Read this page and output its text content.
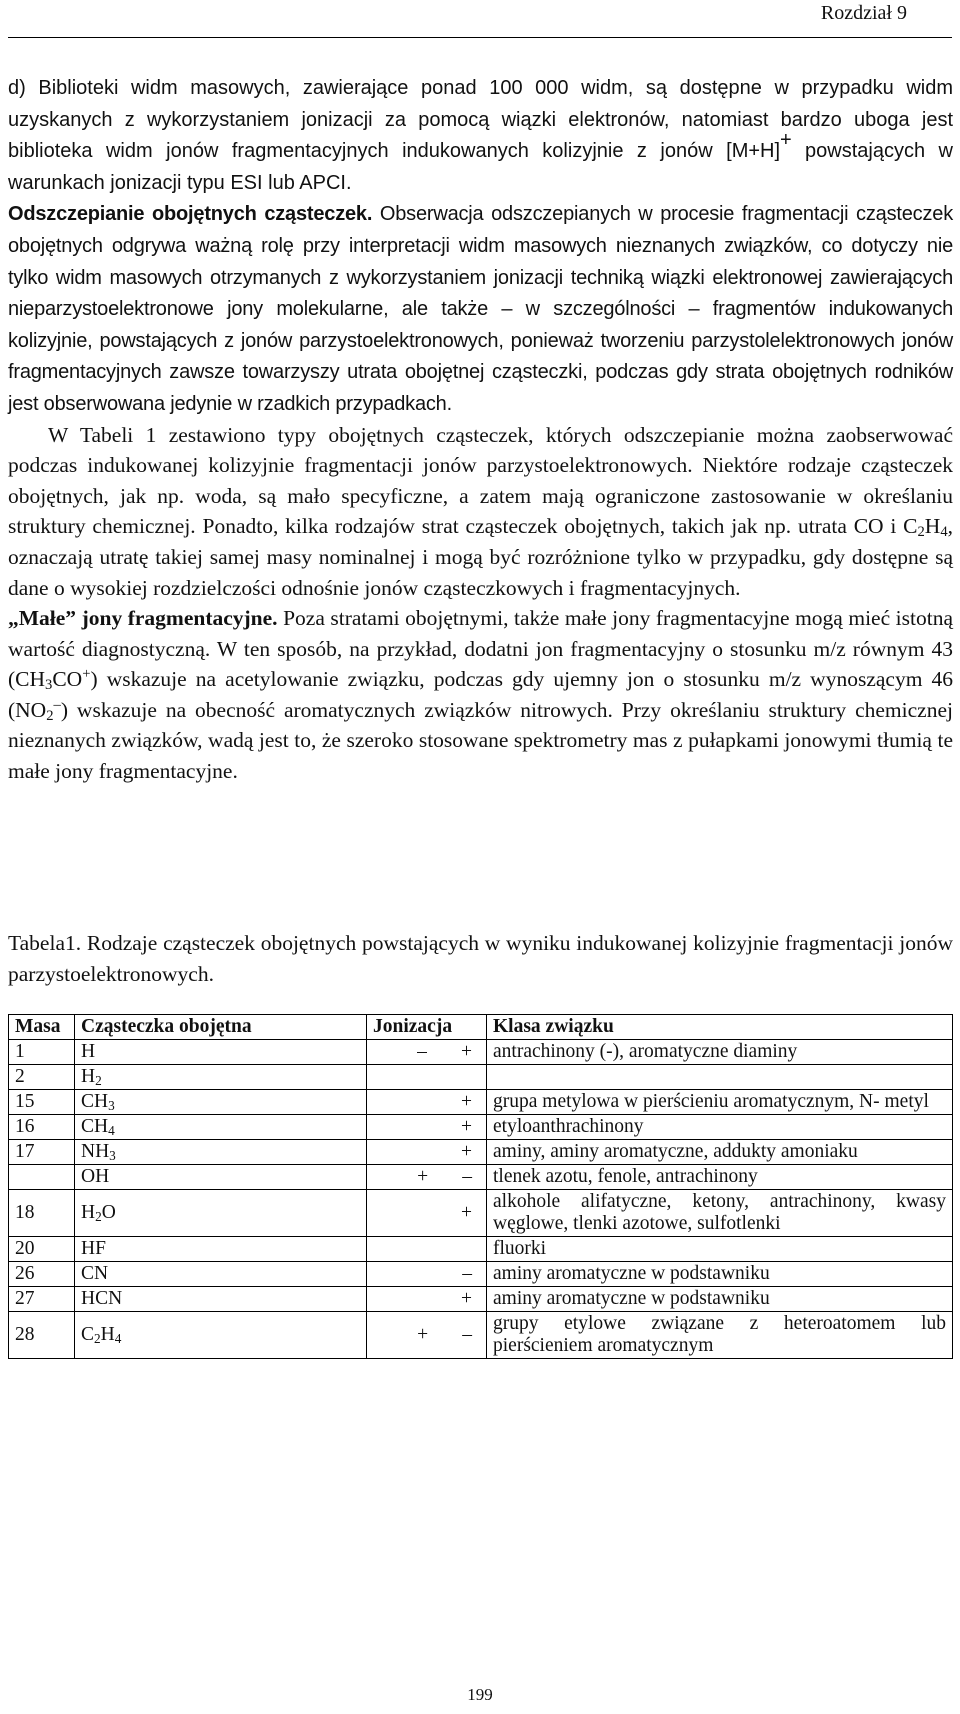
Rozdział 9

d) Biblioteki widm masowych, zawierające ponad 100 000 widm, są dostępne w przypadku widm uzyskanych z wykorzystaniem jonizacji za pomocą wiązki elektronów, natomiast bardzo uboga jest biblioteka widm jonów fragmentacyjnych indukowanych kolizyjnie z jonów [M+H]+ powstających w warunkach jonizacji typu ESI lub APCI.

Odszczepianie obojętnych cząsteczek. Obserwacja odszczepianych w procesie fragmentacji cząsteczek obojętnych odgrywa ważną rolę przy interpretacji widm masowych nieznanych związków, co dotyczy nie tylko widm masowych otrzymanych z wykorzystaniem jonizacji techniką wiązki elektronowej zawierających nieparzystoelektronowe jony molekularne, ale także – w szczególności – fragmentów indukowanych kolizyjnie, powstających z jonów parzystoelektronowych, ponieważ tworzeniu parzystolelektronowych jonów fragmentacyjnych zawsze towarzyszy utrata obojętnej cząsteczki, podczas gdy strata obojętnych rodników jest obserwowana jedynie w rzadkich przypadkach.

W Tabeli 1 zestawiono typy obojętnych cząsteczek, których odszczepianie można zaobserwować podczas indukowanej kolizyjnie fragmentacji jonów parzystoelektronowych. Niektóre rodzaje cząsteczek obojętnych, jak np. woda, są mało specyficzne, a zatem mają ograniczone zastosowanie w określaniu struktury chemicznej. Ponadto, kilka rodzajów strat cząsteczek obojętnych, takich jak np. utrata CO i $C_2H_4$, oznaczają utratę takiej samej masy nominalnej i mogą być rozróżnione tylko w przypadku, gdy dostępne są dane o wysokiej rozdzielczości odnośnie jonów cząsteczkowych i fragmentacyjnych.

„Małe” jony fragmentacyjne. Poza stratami obojętnymi, także małe jony fragmentacyjne mogą mieć istotną wartość diagnostyczną. W ten sposób, na przykład, dodatni jon fragmentacyjny o stosunku m/z równym 43 $(CH_3CO^+)$ wskazuje na acetylowanie związku, podczas gdy ujemny jon o stosunku m/z wynoszącym 46 $(NO_2^-)$ wskazuje na obecność aromatycznych związków nitrowych. Przy określaniu struktury chemicznej nieznanych związków, wadą jest to, że szeroko stosowane spektrometry mas z pułapkami jonowymi tłumią te małe jony fragmentacyjne.

Tabela1. Rodzaje cząsteczek obojętnych powstających w wyniku indukowanej kolizyjnie fragmentacji jonów parzystoelektronowych.
Masa	Cząsteczka obojętna	Jonizacja	Klasa związku
1	H	–       +	antrachinony (-), aromatyczne diaminy
2	$H_2$		
15	$CH_3$	+	grupa metylowa w pierścieniu aromatycznym, N- metyl
16	$CH_4$	+	etyloanthrachinony
17	$NH_3$	+	aminy, aminy aromatyczne, addukty amoniaku
	OH	+       –	tlenek azotu, fenole, antrachinony
18	$H_2O$	+	alkohole alifatyczne, ketony, antrachinony, kwasy węglowe, tlenki azotowe, sulfotlenki
20	HF		fluorki
26	CN	–	aminy aromatyczne w podstawniku
27	HCN	+	aminy aromatyczne w podstawniku
28	$C_2H_4$	+       –	grupy etylowe związane z heteroatomem lub pierścieniem aromatycznym
199
